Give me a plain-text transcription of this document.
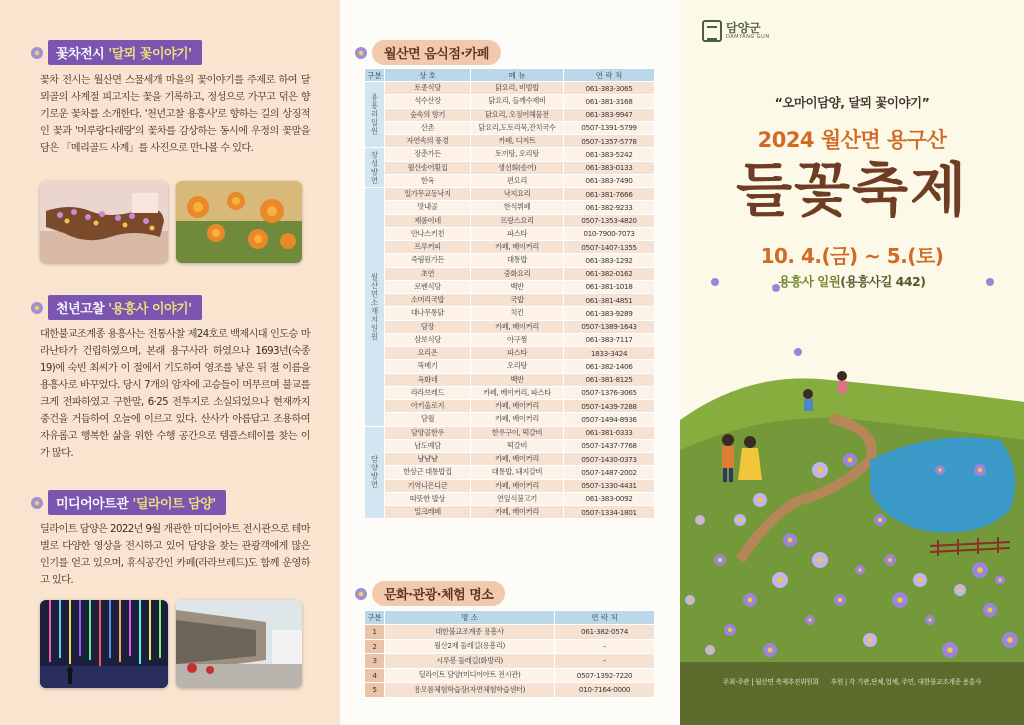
꽃차전시 '달뫼 꽃이야기'

꽃차 전시는 월산면 스물세개 마을의 꽃이야기를 주제로 하여 달뫼골의 사계절 피고지는 꽃을 기록하고, 정성으로 가꾸고 덖은 향기로운 꽃차를 소개한다. '천년고찰 용흥사'로 향하는 길의 상징적인 꽃과 '머루랑다래랑'의 꽃차를 감상하는 동시에 우정의 꽃말을 담은 「메리골드 사계」를 사진으로 만나볼 수 있다.

천년고찰 '용흥사 이야기'

대한불교조계종 용흥사는 전통사찰 제24호로 백제시대 인도승 마라난타가 건립하였으며, 본래 용구사라 하였으나 1693년(숙종19)에 숙빈 최씨가 이 절에서 기도하여 영조를 낳은 뒤 절 이름을 용흥사로 바꾸었다. 당시 7개의 암자에 고승들이 머무르며 불교를 크게 전파하였고 구한말, 6·25 전투지로 소실되었으나 현재까지 중건을 거듭하여 오늘에 이르고 있다. 산사가 아름답고 조용하여 자유롭고 행복한 삶을 위한 수행 공간으로 템플스테이를 찾는 이가 많다.

미디어아트관 '딜라이트 담양'

딜라이트 담양은 2022년 9월 개관한 미디어아트 전시관으로 테마별로 다양한 영상을 전시하고 있어 담양을 찾는 관광객에게 많은 인기를 얻고 있으며, 휴식공간인 카페(라라브레드)도 함께 운영하고 있다.

월산면 음식점·카페
구분	상 호	메 뉴	연 락 처
용흥리일원	토종식당	닭요리, 비빔밥	061-383-3065
	석수산장	닭요리, 들깨수제비	061-381-3168
	숲속의 향기	닭요리, 오징어해물전	061-383-9947
	산촌	닭요리,도토리묵,잔치국수	0507-1391-5799
	자연속의 풍경	카페, 디저트	0507-1357-5778
장성방면	장춘가든	토끼탕, 오리탕	061-383-5242
	월산송어횟집	생선회(송어)	061-383-0133
	한옥	편요리	061-383-7490
월산면소재지일원	일가무교동낙지	낙지요리	061-381-7666
	맛내골	한식뷔페	061-382-9233
	제롬이네	프랑스요리	0507-1353-4820
	안나스키친	파스타	010-7900-7073
	프루커피	카페, 베이커리	0507-1407-1355
	죽림원가든	대통밥	061-383-1292
	초연	중화요리	061-382-0162
	로벤식당	백반	061-381-1018
	소머리국밥	국밥	061-381-4851
	대나무통닭	치킨	061-383-9289
	담장	카페, 베이커리	0507-1389-1643
	삼보식당	아구찜	061-383-7117
	요리온	파스타	1833-3424
	뚝배기	오리탕	061-382-1406
	옥화네	백반	061-381-8125
	라라브레드	카페, 베이커리, 파스타	0507-1376-3065
	아키올로지	카페, 베이커리	0507-1439-7288
	담월	카페, 베이커리	0507-1494-8936
담양방면	담양골한우	한우구이, 떡갈비	061-381-0333
	남도예담	떡갈비	0507-1437-7768
	냠냠냠	카페, 베이커리	0507-1430-0373
	한상근 대통밥집	대통밥, 돼지갈비	0507-1487-2002
	기역니은디귿	카페, 베이커리	0507-1330-4431
	따뜻한 밥상	연잎식불고기	061-383-0092
	밀크레페	카페, 베이커리	0507-1334-1801
문화·관광·체험 명소
구분	명 소	연 락 처
1	대한불교조계종 용흥사	061-382-0574
2	월산2제 둘레길(용흥리)	–
3	시루봉 둘레길(화방리)	–
4	딜라이트 담양(미디어아트 전시관)	0507-1392-7220
5	용오름체험학습장(자연체험학습센터)	010-7164-0000
담양군
DAMYANG GUN
“오마이담양, 달뫼 꽃이야기”
2024 월산면 용구산
들꽃축제
10. 4.(금) ~ 5.(토)
용흥사 일원(용흥사길 442)
주최·주관 | 월산면 축제추진위원회 후원 | 각 기관,단체,업체, 주민, 대한불교조계종 용흥사
